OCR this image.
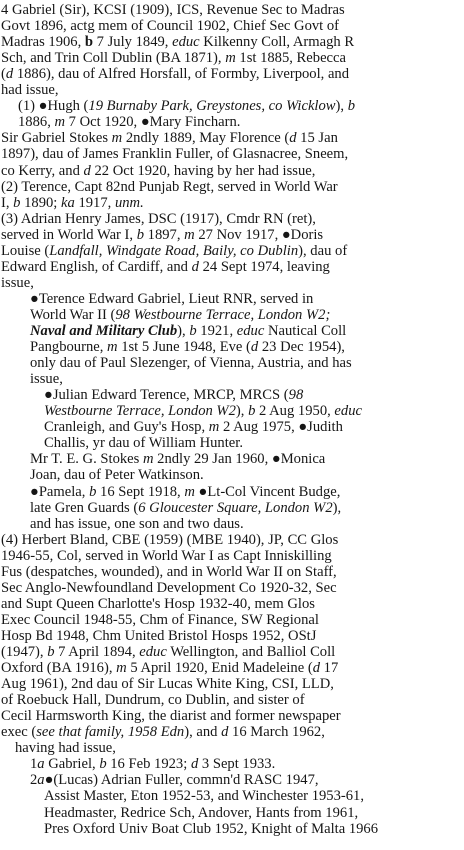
4 Gabriel (Sir), KCSI (1909), ICS, Revenue Sec to Madras
Govt 1896, actg mem of Council 1902, Chief Sec Govt of
Madras 1906, b 7 July 1849, educ Kilkenny Coll, Armagh R
Sch, and Trin Coll Dublin (BA 1871), m 1st 1885, Rebecca
(d 1886), dau of Alfred Horsfall, of Formby, Liverpool, and
had issue,
(1) ●Hugh (19 Burnaby Park, Greystones, co Wicklow), b
1886, m 7 Oct 1920, ●Mary Fincharn.
Sir Gabriel Stokes m 2ndly 1889, May Florence (d 15 Jan
1897), dau of James Franklin Fuller, of Glasnacree, Sneem,
co Kerry, and d 22 Oct 1920, having by her had issue,
(2) Terence, Capt 82nd Punjab Regt, served in World War
I, b 1890; ka 1917, unm.
(3) Adrian Henry James, DSC (1917), Cmdr RN (ret),
served in World War I, b 1897, m 27 Nov 1917, ●Doris
Louise (Landfall, Windgate Road, Baily, co Dublin), dau of
Edward English, of Cardiff, and d 24 Sept 1974, leaving
issue,
●Terence Edward Gabriel, Lieut RNR, served in
World War II (98 Westbourne Terrace, London W2;
Naval and Military Club), b 1921, educ Nautical Coll
Pangbourne, m 1st 5 June 1948, Eve (d 23 Dec 1954),
only dau of Paul Slezenger, of Vienna, Austria, and has
issue,
●Julian Edward Terence, MRCP, MRCS (98
Westbourne Terrace, London W2), b 2 Aug 1950, educ
Cranleigh, and Guy's Hosp, m 2 Aug 1975, ●Judith
Challis, yr dau of William Hunter.
Mr T. E. G. Stokes m 2ndly 29 Jan 1960, ●Monica
Joan, dau of Peter Watkinson.
●Pamela, b 16 Sept 1918, m ●Lt-Col Vincent Budge,
late Gren Guards (6 Gloucester Square, London W2),
and has issue, one son and two daus.
(4) Herbert Bland, CBE (1959) (MBE 1940), JP, CC Glos
1946-55, Col, served in World War I as Capt Inniskilling
Fus (despatches, wounded), and in World War II on Staff,
Sec Anglo-Newfoundland Development Co 1920-32, Sec
and Supt Queen Charlotte's Hosp 1932-40, mem Glos
Exec Council 1948-55, Chm of Finance, SW Regional
Hosp Bd 1948, Chm United Bristol Hosps 1952, OStJ
(1947), b 7 April 1894, educ Wellington, and Balliol Coll
Oxford (BA 1916), m 5 April 1920, Enid Madeleine (d 17
Aug 1961), 2nd dau of Sir Lucas White King, CSI, LLD,
of Roebuck Hall, Dundrum, co Dublin, and sister of
Cecil Harmsworth King, the diarist and former newspaper
exec (see that family, 1958 Edn), and d 16 March 1962,
having had issue,
1a Gabriel, b 16 Feb 1923; d 3 Sept 1933.
2a●(Lucas) Adrian Fuller, commn'd RASC 1947,
Assist Master, Eton 1952-53, and Winchester 1953-61,
Headmaster, Redrice Sch, Andover, Hants from 1961,
Pres Oxford Univ Boat Club 1952, Knight of Malta 1966
